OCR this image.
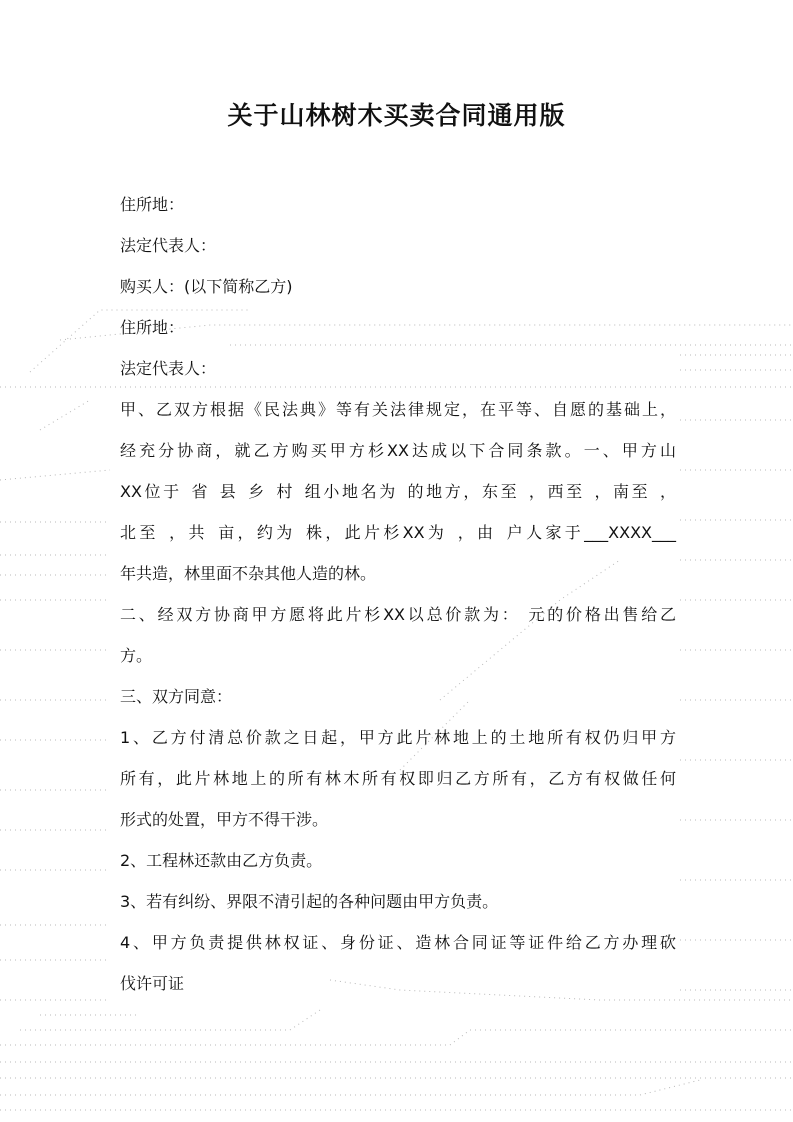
关于山林树木买卖合同通用版
住所地：
法定代表人：
购买人：(以下简称乙方)
住所地：
法定代表人：
甲、乙双方根据《民法典》等有关法律规定，在平等、自愿的基础上，
经充分协商，就乙方购买甲方杉XX达成以下合同条款。一、甲方山
XX位于 省 县 乡 村 组小地名为 的地方，东至 ，西至 ，南至 ，
北至 ，共 亩，约为 株，此片杉XX为 ，由 户人家于___XXXX___
年共造，林里面不杂其他人造的林。
二、经双方协商甲方愿将此片杉XX以总价款为： 元的价格出售给乙
方。
三、双方同意：
1、乙方付清总价款之日起，甲方此片林地上的土地所有权仍归甲方
所有，此片林地上的所有林木所有权即归乙方所有，乙方有权做任何
形式的处置，甲方不得干涉。
2、工程林还款由乙方负责。
3、若有纠纷、界限不清引起的各种问题由甲方负责。
4、甲方负责提供林权证、身份证、造林合同证等证件给乙方办理砍
伐许可证
